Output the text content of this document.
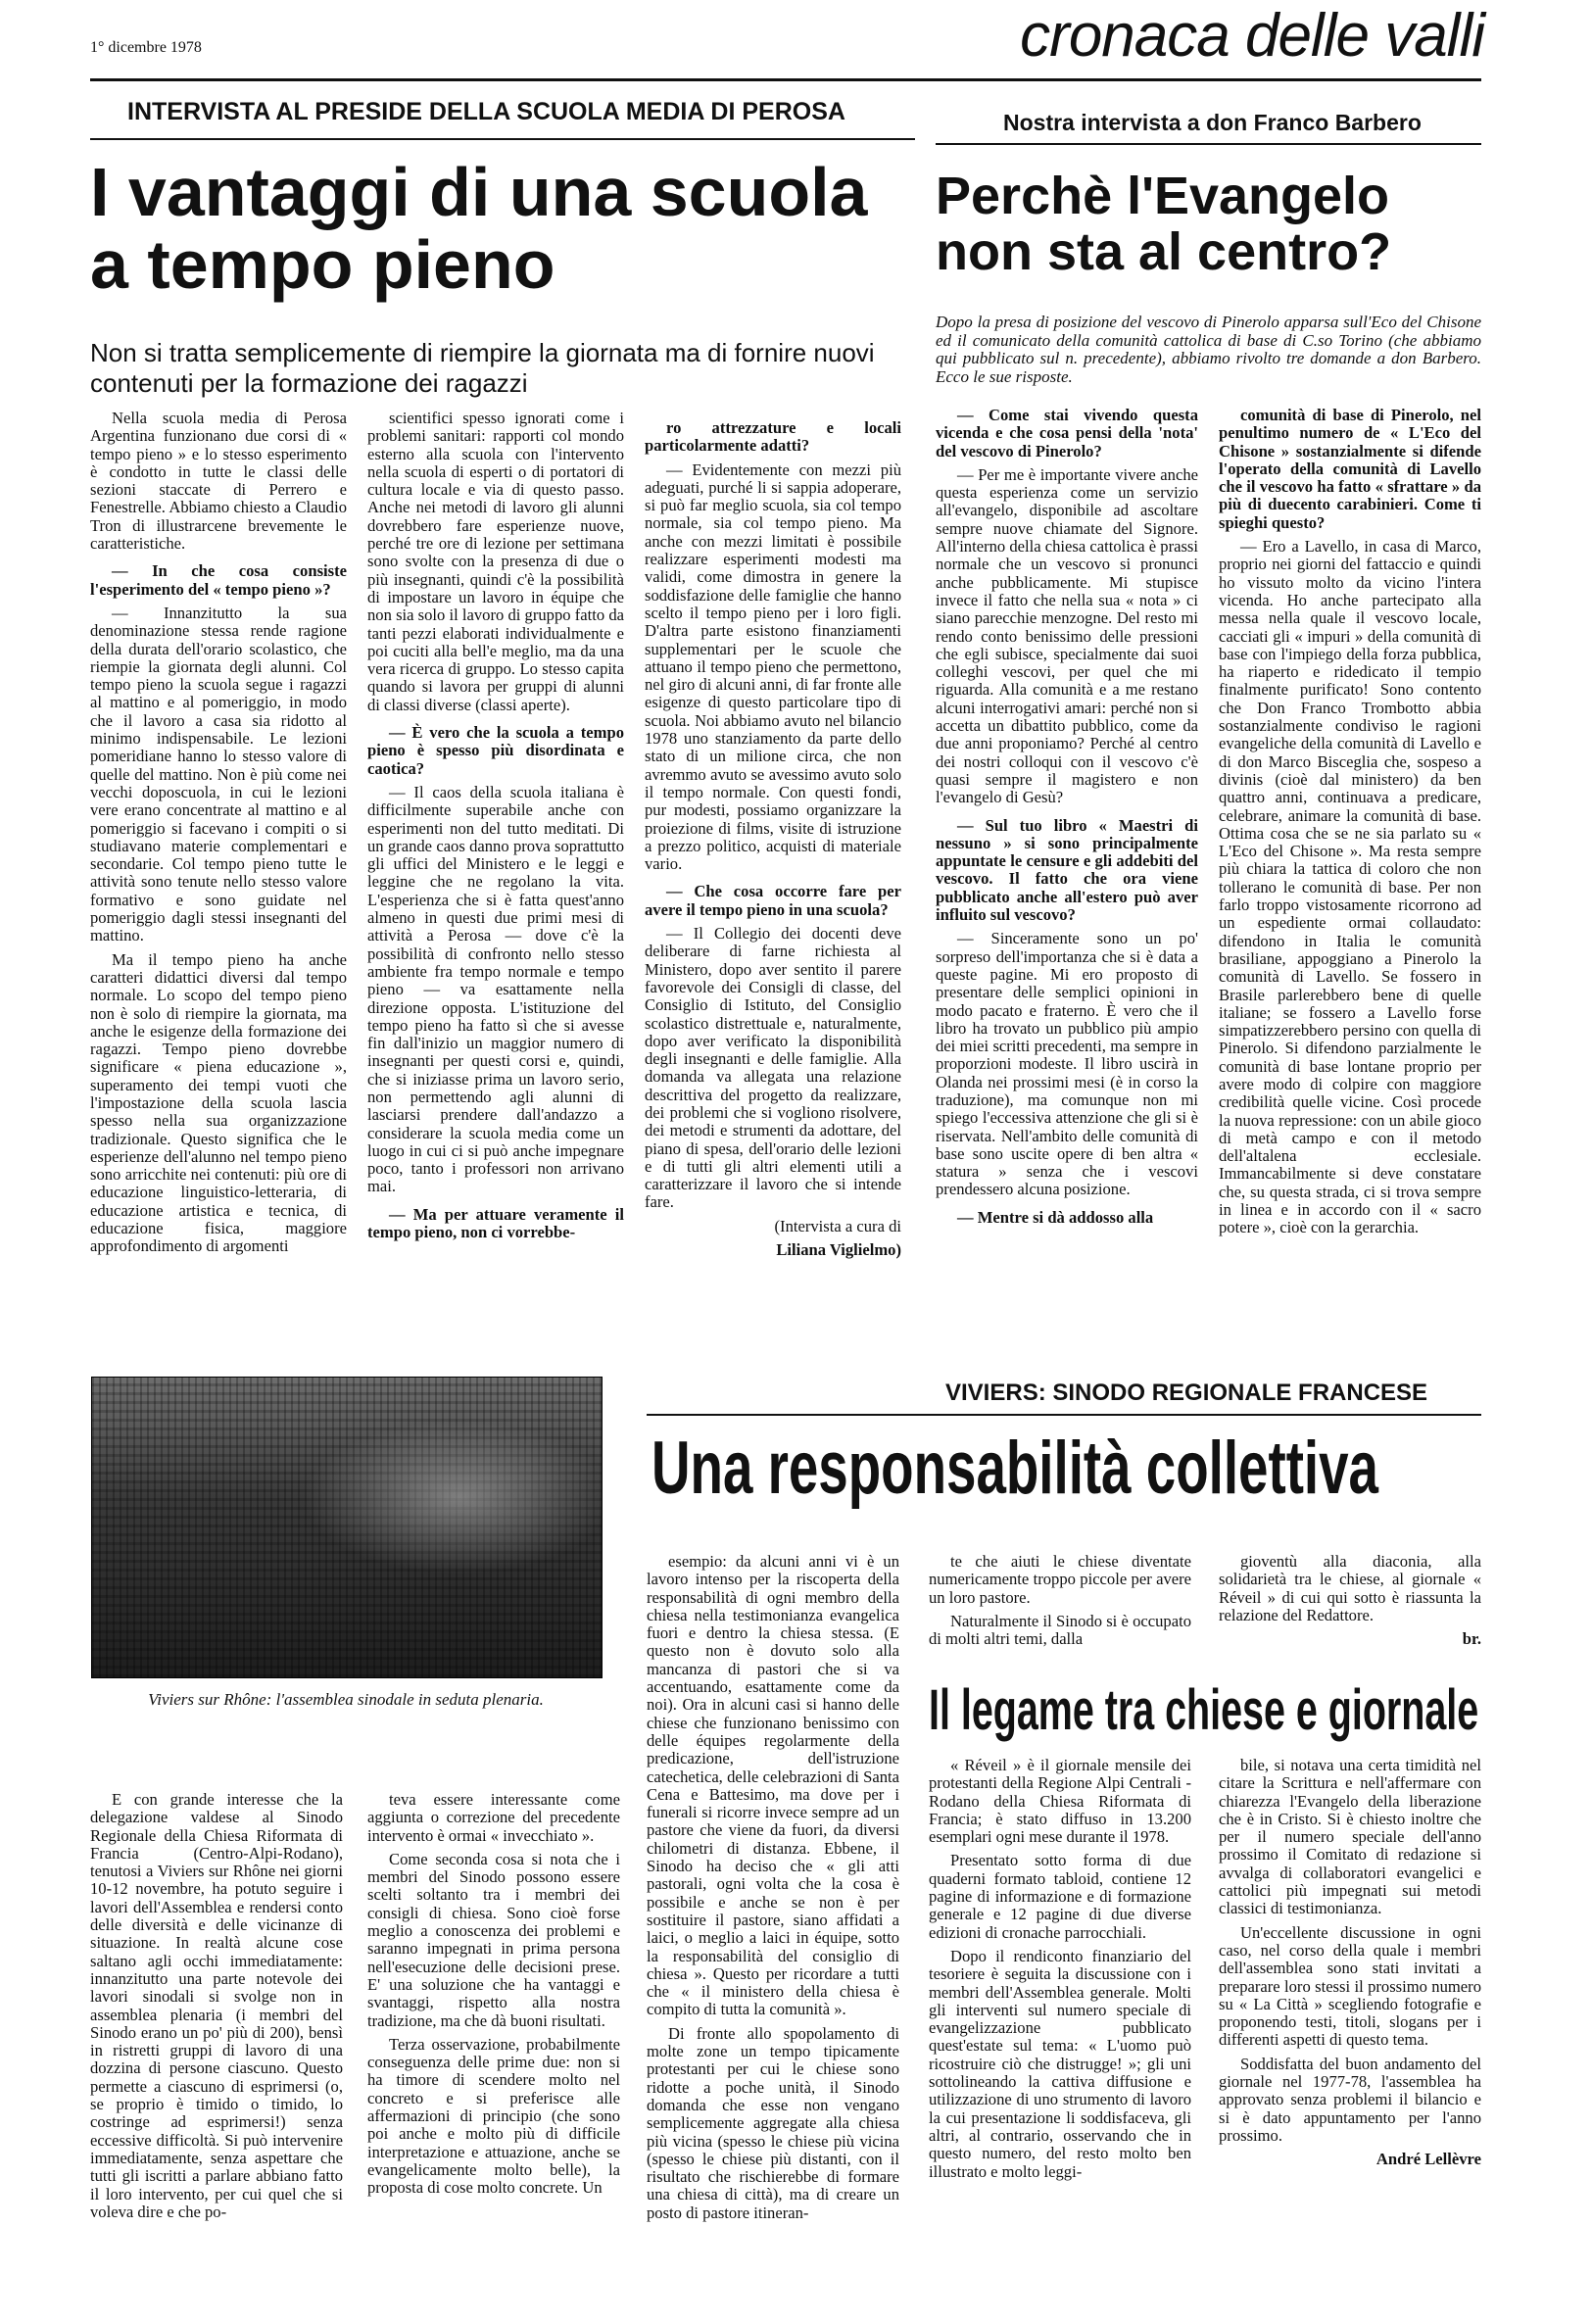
1° dicembre 1978	cronaca delle valli
INTERVISTA AL PRESIDE DELLA SCUOLA MEDIA DI PEROSA
I vantaggi di una scuola
a tempo pieno
Non si tratta semplicemente di riempire la giornata ma di fornire nuovi contenuti per la formazione dei ragazzi

Nella scuola media di Perosa Argentina funzionano due corsi di « tempo pieno » e lo stesso esperimento è condotto in tutte le classi delle sezioni staccate di Perrero e Fenestrelle. Abbiamo chiesto a Claudio Tron di illustrarcene brevemente le caratteristiche.

— In che cosa consiste l'esperimento del « tempo pieno »?

— Innanzitutto la sua denominazione stessa rende ragione della durata dell'orario scolastico, che riempie la giornata degli alunni. Col tempo pieno la scuola segue i ragazzi al mattino e al pomeriggio, in modo che il lavoro a casa sia ridotto al minimo indispensabile. Le lezioni pomeridiane hanno lo stesso valore di quelle del mattino. Non è più come nei vecchi doposcuola, in cui le lezioni vere erano concentrate al mattino e al pomeriggio si facevano i compiti o si studiavano materie complementari e secondarie. Col tempo pieno tutte le attività sono tenute nello stesso valore formativo e sono guidate nel pomeriggio dagli stessi insegnanti del mattino.

Ma il tempo pieno ha anche caratteri didattici diversi dal tempo normale. Lo scopo del tempo pieno non è solo di riempire la giornata, ma anche le esigenze della formazione dei ragazzi. Tempo pieno dovrebbe significare « piena educazione », superamento dei tempi vuoti che l'impostazione della scuola lascia spesso nella sua organizzazione tradizionale. Questo significa che le esperienze dell'alunno nel tempo pieno sono arricchite nei contenuti: più ore di educazione linguistico-letteraria, di educazione artistica e tecnica, di educazione fisica, maggiore approfondimento di argomenti

scientifici spesso ignorati come i problemi sanitari: rapporti col mondo esterno alla scuola con l'intervento nella scuola di esperti o di portatori di cultura locale e via di questo passo. Anche nei metodi di lavoro gli alunni dovrebbero fare esperienze nuove, perché tre ore di lezione per settimana sono svolte con la presenza di due o più insegnanti, quindi c'è la possibilità di impostare un lavoro in équipe che non sia solo il lavoro di gruppo fatto da tanti pezzi elaborati individualmente e poi cuciti alla bell'e meglio, ma da una vera ricerca di gruppo. Lo stesso capita quando si lavora per gruppi di alunni di classi diverse (classi aperte).

— È vero che la scuola a tempo pieno è spesso più disordinata e caotica?

— Il caos della scuola italiana è difficilmente superabile anche con esperimenti non del tutto meditati. Di un grande caos danno prova soprattutto gli uffici del Ministero e le leggi e leggine che ne regolano la vita. L'esperienza che si è fatta quest'anno almeno in questi due primi mesi di attività a Perosa — dove c'è la possibilità di confronto nello stesso ambiente fra tempo normale e tempo pieno — va esattamente nella direzione opposta. L'istituzione del tempo pieno ha fatto sì che si avesse fin dall'inizio un maggior numero di insegnanti per questi corsi e, quindi, che si iniziasse prima un lavoro serio, non permettendo agli alunni di lasciarsi prendere dall'andazzo a considerare la scuola media come un luogo in cui ci si può anche impegnare poco, tanto i professori non arrivano mai.

— Ma per attuare veramente il tempo pieno, non ci vorrebbe-

ro attrezzature e locali particolarmente adatti?

— Evidentemente con mezzi più adeguati, purché li si sappia adoperare, si può far meglio scuola, sia col tempo normale, sia col tempo pieno. Ma anche con mezzi limitati è possibile realizzare esperimenti modesti ma validi, come dimostra in genere la soddisfazione delle famiglie che hanno scelto il tempo pieno per i loro figli. D'altra parte esistono finanziamenti supplementari per le scuole che attuano il tempo pieno che permettono, nel giro di alcuni anni, di far fronte alle esigenze di questo particolare tipo di scuola. Noi abbiamo avuto nel bilancio 1978 uno stanziamento da parte dello stato di un milione circa, che non avremmo avuto se avessimo avuto solo il tempo normale. Con questi fondi, pur modesti, possiamo organizzare la proiezione di films, visite di istruzione a prezzo politico, acquisti di materiale vario.

— Che cosa occorre fare per avere il tempo pieno in una scuola?

— Il Collegio dei docenti deve deliberare di farne richiesta al Ministero, dopo aver sentito il parere favorevole dei Consigli di classe, del Consiglio di Istituto, del Consiglio scolastico distrettuale e, naturalmente, dopo aver verificato la disponibilità degli insegnanti e delle famiglie. Alla domanda va allegata una relazione descrittiva del progetto da realizzare, dei problemi che si vogliono risolvere, dei metodi e strumenti da adottare, del piano di spesa, dell'orario delle lezioni e di tutti gli altri elementi utili a caratterizzare il lavoro che si intende fare.

(Intervista a cura di

Liliana Viglielmo)

Nostra intervista a don Franco Barbero
Perchè l'Evangelo
non sta al centro?
Dopo la presa di posizione del vescovo di Pinerolo apparsa sull'Eco del Chisone ed il comunicato della comunità cattolica di base di C.so Torino (che abbiamo qui pubblicato sul n. precedente), abbiamo rivolto tre domande a don Barbero. Ecco le sue risposte.

— Come stai vivendo questa vicenda e che cosa pensi della 'nota' del vescovo di Pinerolo?

— Per me è importante vivere anche questa esperienza come un servizio all'evangelo, disponibile ad ascoltare sempre nuove chiamate del Signore. All'interno della chiesa cattolica è prassi normale che un vescovo si pronunci anche pubblicamente. Mi stupisce invece il fatto che nella sua « nota » ci siano parecchie menzogne. Del resto mi rendo conto benissimo delle pressioni che egli subisce, specialmente dai suoi colleghi vescovi, per quel che mi riguarda. Alla comunità e a me restano alcuni interrogativi amari: perché non si accetta un dibattito pubblico, come da due anni proponiamo? Perché al centro dei nostri colloqui con il vescovo c'è quasi sempre il magistero e non l'evangelo di Gesù?

— Sul tuo libro « Maestri di nessuno » si sono principalmente appuntate le censure e gli addebiti del vescovo. Il fatto che ora viene pubblicato anche all'estero può aver influito sul vescovo?

— Sinceramente sono un po' sorpreso dell'importanza che si è data a queste pagine. Mi ero proposto di presentare delle semplici opinioni in modo pacato e fraterno. È vero che il libro ha trovato un pubblico più ampio dei miei scritti precedenti, ma sempre in proporzioni modeste. Il libro uscirà in Olanda nei prossimi mesi (è in corso la traduzione), ma comunque non mi spiego l'eccessiva attenzione che gli si è riservata. Nell'ambito delle comunità di base sono uscite opere di ben altra « statura » senza che i vescovi prendessero alcuna posizione.

— Mentre si dà addosso alla

comunità di base di Pinerolo, nel penultimo numero de « L'Eco del Chisone » sostanzialmente si difende l'operato della comunità di Lavello che il vescovo ha fatto « sfrattare » da più di duecento carabinieri. Come ti spieghi questo?

— Ero a Lavello, in casa di Marco, proprio nei giorni del fattaccio e quindi ho vissuto molto da vicino l'intera vicenda. Ho anche partecipato alla messa nella quale il vescovo locale, cacciati gli « impuri » della comunità di base con l'impiego della forza pubblica, ha riaperto e ridedicato il tempio finalmente purificato! Sono contento che Don Franco Trombotto abbia sostanzialmente condiviso le ragioni evangeliche della comunità di Lavello e di don Marco Bisceglia che, sospeso a divinis (cioè dal ministero) da ben quattro anni, continuava a predicare, celebrare, animare la comunità di base. Ottima cosa che se ne sia parlato su « L'Eco del Chisone ». Ma resta sempre più chiara la tattica di coloro che non tollerano le comunità di base. Per non farlo troppo vistosamente ricorrono ad un espediente ormai collaudato: difendono in Italia le comunità brasiliane, appoggiano a Pinerolo la comunità di Lavello. Se fossero in Brasile parlerebbero bene di quelle italiane; se fossero a Lavello forse simpatizzerebbero persino con quella di Pinerolo. Si difendono parzialmente le comunità di base lontane proprio per avere modo di colpire con maggiore credibilità quelle vicine. Così procede la nuova repressione: con un abile gioco di metà campo e con il metodo dell'altalena ecclesiale. Immancabilmente si deve constatare che, su questa strada, ci si trova sempre in linea e in accordo con il « sacro potere », cioè con la gerarchia.

Viviers sur Rhône: l'assemblea sinodale in seduta plenaria.
VIVIERS: SINODO REGIONALE FRANCESE
Una responsabilità collettiva

E con grande interesse che la delegazione valdese al Sinodo Regionale della Chiesa Riformata di Francia (Centro-Alpi-Rodano), tenutosi a Viviers sur Rhône nei giorni 10-12 novembre, ha potuto seguire i lavori dell'Assemblea e rendersi conto delle diversità e delle vicinanze di situazione. In realtà alcune cose saltano agli occhi immediatamente: innanzitutto una parte notevole dei lavori sinodali si svolge non in assemblea plenaria (i membri del Sinodo erano un po' più di 200), bensì in ristretti gruppi di lavoro di una dozzina di persone ciascuno. Questo permette a ciascuno di esprimersi (o, se proprio è timido o timido, lo costringe ad esprimersi!) senza eccessive difficoltà. Si può intervenire immediatamente, senza aspettare che tutti gli iscritti a parlare abbiano fatto il loro intervento, per cui quel che si voleva dire e che po-

teva essere interessante come aggiunta o correzione del precedente intervento è ormai « invecchiato ».

Come seconda cosa si nota che i membri del Sinodo possono essere scelti soltanto tra i membri dei consigli di chiesa. Sono cioè forse meglio a conoscenza dei problemi e saranno impegnati in prima persona nell'esecuzione delle decisioni prese. E' una soluzione che ha vantaggi e svantaggi, rispetto alla nostra tradizione, ma che dà buoni risultati.

Terza osservazione, probabilmente conseguenza delle prime due: non si ha timore di scendere molto nel concreto e si preferisce alle affermazioni di principio (che sono poi anche e molto più di difficile interpretazione e attuazione, anche se evangelicamente molto belle), la proposta di cose molto concrete. Un

esempio: da alcuni anni vi è un lavoro intenso per la riscoperta della responsabilità di ogni membro della chiesa nella testimonianza evangelica fuori e dentro la chiesa stessa. (E questo non è dovuto solo alla mancanza di pastori che si va accentuando, esattamente come da noi). Ora in alcuni casi si hanno delle chiese che funzionano benissimo con delle équipes regolarmente della predicazione, dell'istruzione catechetica, delle celebrazioni di Santa Cena e Battesimo, ma dove per i funerali si ricorre invece sempre ad un pastore che viene da fuori, da diversi chilometri di distanza. Ebbene, il Sinodo ha deciso che « gli atti pastorali, ogni volta che la cosa è possibile e anche se non è per sostituire il pastore, siano affidati a laici, o meglio a laici in équipe, sotto la responsabilità del consiglio di chiesa ». Questo per ricordare a tutti che « il ministero della chiesa è compito di tutta la comunità ».

Di fronte allo spopolamento di molte zone un tempo tipicamente protestanti per cui le chiese sono ridotte a poche unità, il Sinodo domanda che esse non vengano semplicemente aggregate alla chiesa più vicina (spesso le chiese più vicina (spesso le chiese più distanti, con il risultato che rischierebbe di formare una chiesa di città), ma di creare un posto di pastore itineran-

te che aiuti le chiese diventate numericamente troppo piccole per avere un loro pastore.

Naturalmente il Sinodo si è occupato di molti altri temi, dalla

gioventù alla diaconia, alla solidarietà tra le chiese, al giornale « Réveil » di cui qui sotto è riassunta la relazione del Redattore.

br.

Il legame tra chiese e giornale

« Réveil » è il giornale mensile dei protestanti della Regione Alpi Centrali - Rodano della Chiesa Riformata di Francia; è stato diffuso in 13.200 esemplari ogni mese durante il 1978.

Presentato sotto forma di due quaderni formato tabloid, contiene 12 pagine di informazione e di formazione generale e 12 pagine di due diverse edizioni di cronache parrocchiali.

Dopo il rendiconto finanziario del tesoriere è seguita la discussione con i membri dell'Assemblea generale. Molti gli interventi sul numero speciale di evangelizzazione pubblicato quest'estate sul tema: « L'uomo può ricostruire ciò che distrugge! »; gli uni sottolineando la cattiva diffusione e utilizzazione di uno strumento di lavoro la cui presentazione li soddisfaceva, gli altri, al contrario, osservando che in questo numero, del resto molto ben illustrato e molto leggi-

bile, si notava una certa timidità nel citare la Scrittura e nell'affermare con chiarezza l'Evangelo della liberazione che è in Cristo. Si è chiesto inoltre che per il numero speciale dell'anno prossimo il Comitato di redazione si avvalga di collaboratori evangelici e cattolici più impegnati sui metodi classici di testimonianza.

Un'eccellente discussione in ogni caso, nel corso della quale i membri dell'assemblea sono stati invitati a preparare loro stessi il prossimo numero su « La Città » scegliendo fotografie e proponendo testi, titoli, slogans per i differenti aspetti di questo tema.

Soddisfatta del buon andamento del giornale nel 1977-78, l'assemblea ha approvato senza problemi il bilancio e si è dato appuntamento per l'anno prossimo.

André Lellèvre
